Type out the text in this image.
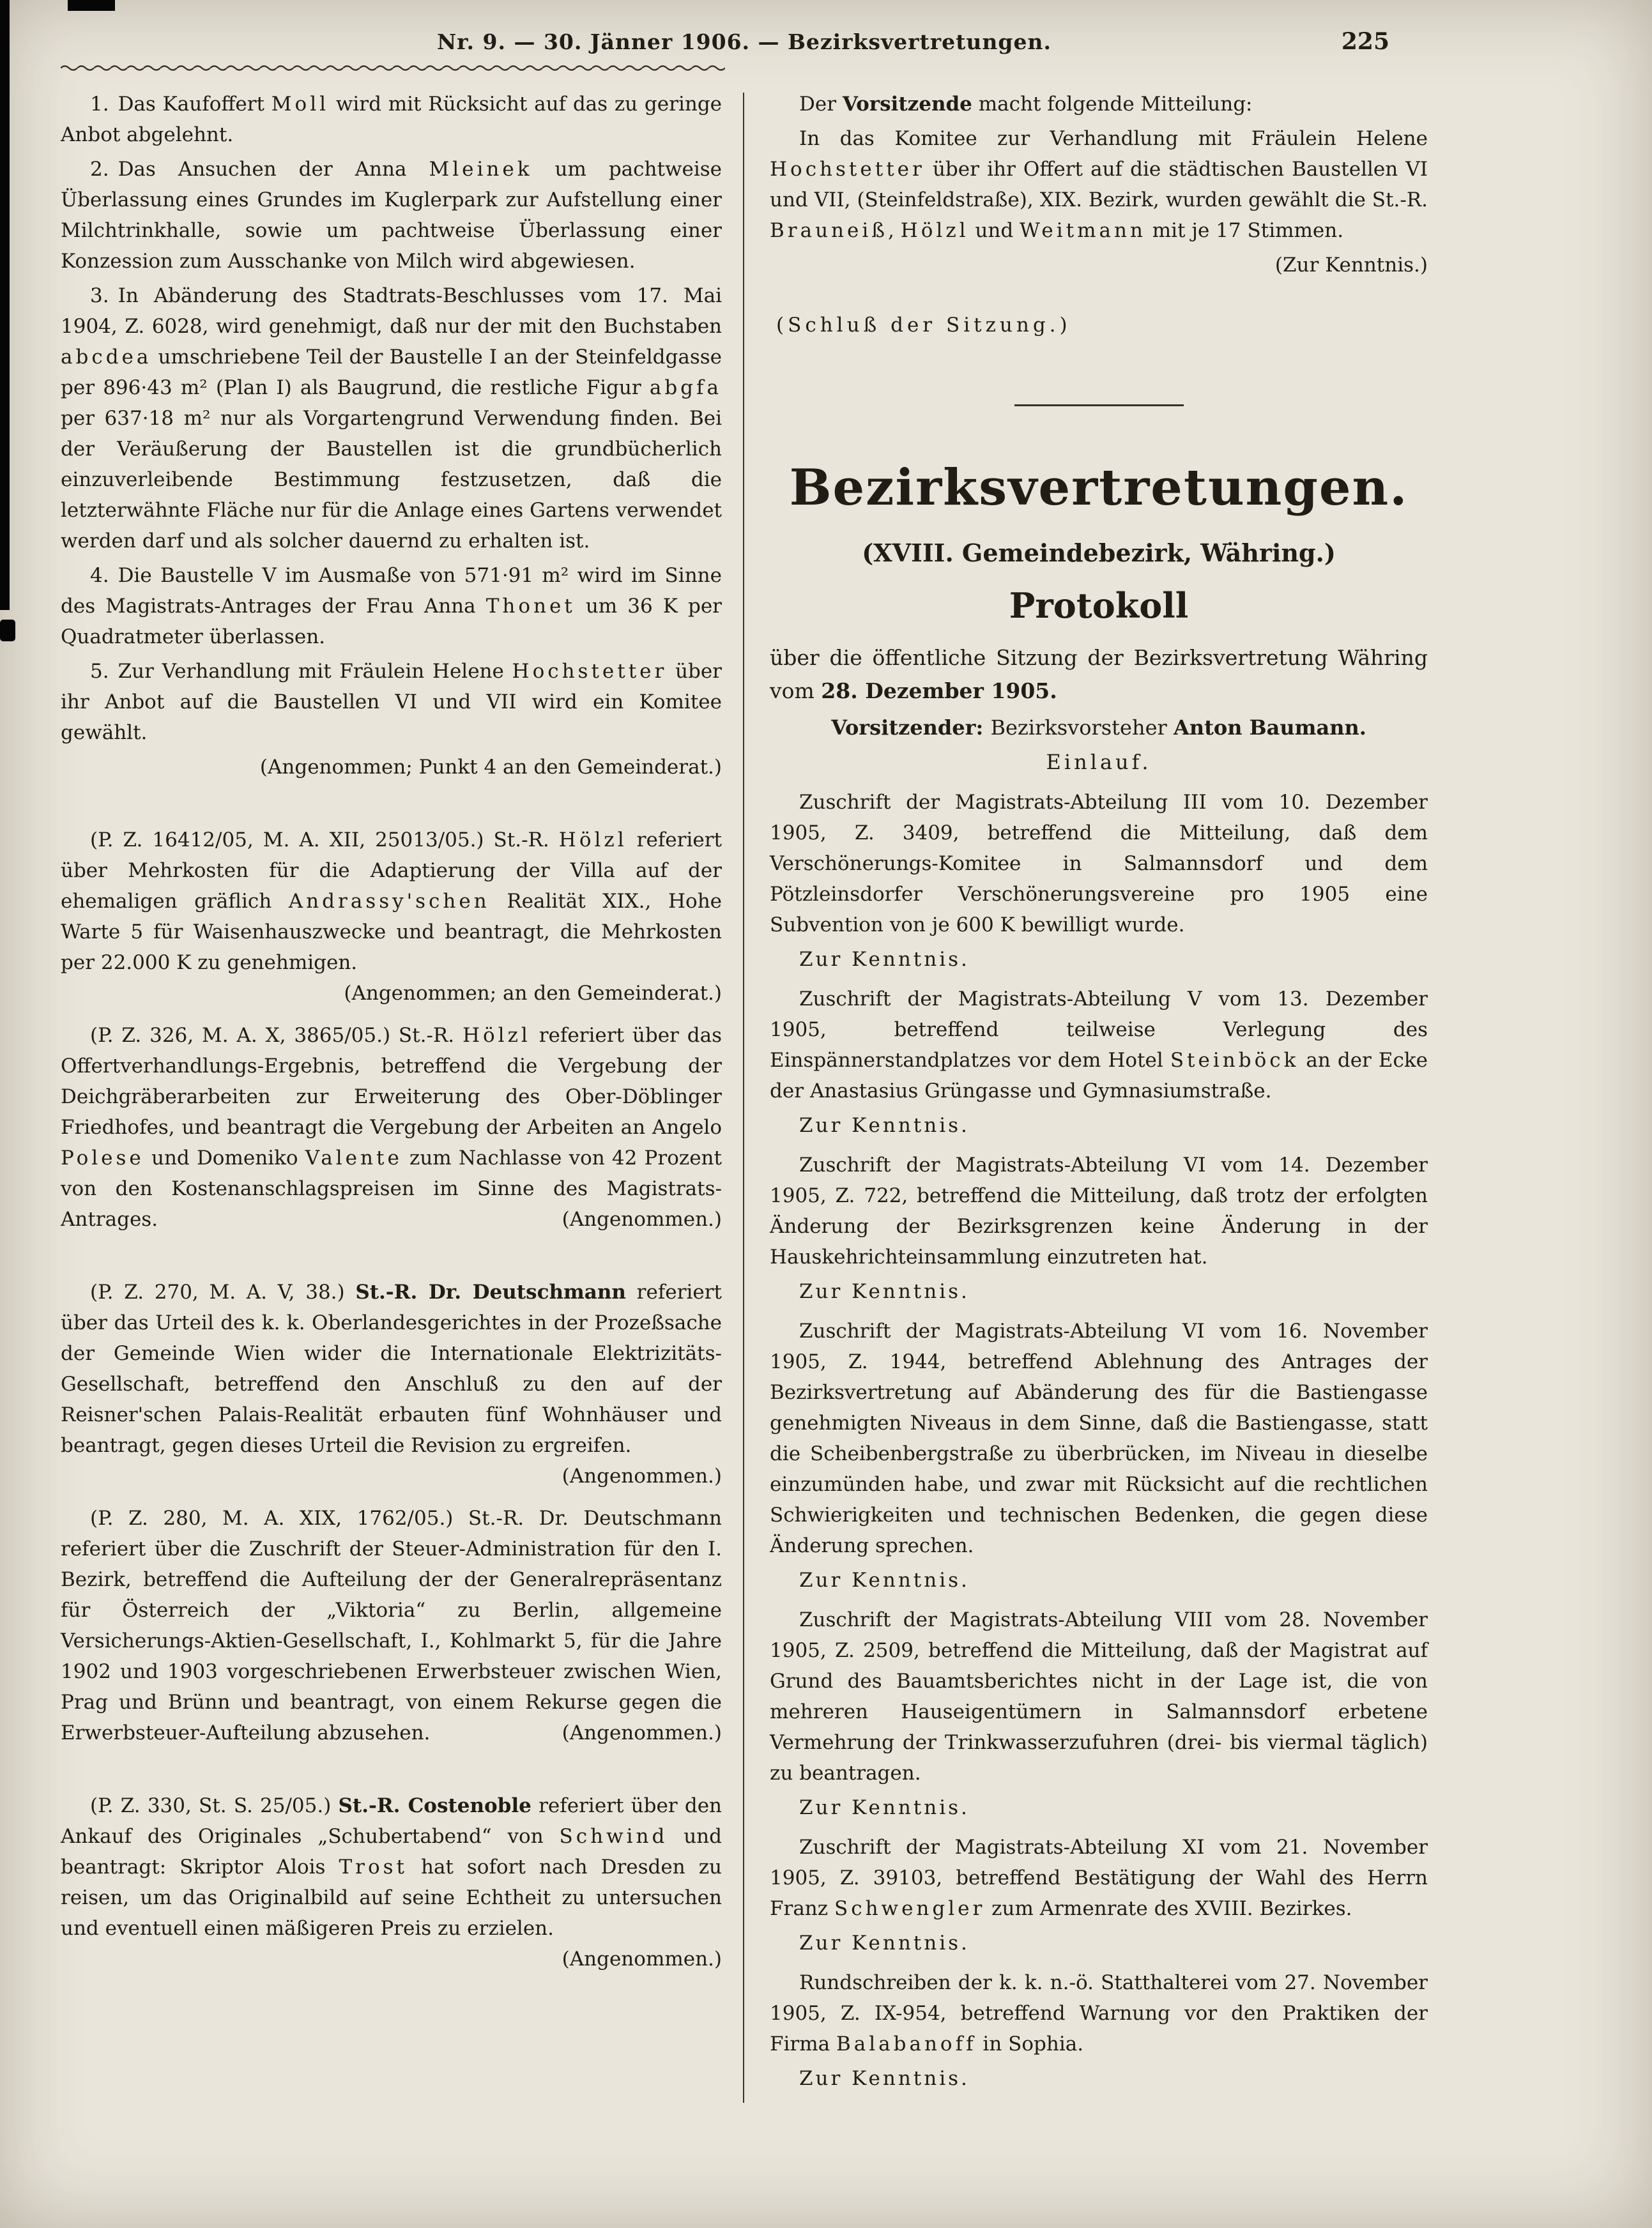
Nr. 9. — 30. Jänner 1906. — Bezirksvertretungen.	225

1. Das Kaufoffert Moll wird mit Rücksicht auf das zu geringe Anbot abgelehnt.

2. Das Ansuchen der Anna Mleinek um pachtweise Überlassung eines Grundes im Kuglerpark zur Aufstellung einer Milchtrinkhalle, sowie um pachtweise Überlassung einer Konzession zum Ausschanke von Milch wird abgewiesen.

3. In Abänderung des Stadtrats-Beschlusses vom 17. Mai 1904, Z. 6028, wird genehmigt, daß nur der mit den Buchstaben abcdea umschriebene Teil der Baustelle I an der Steinfeldgasse per 896·43 m² (Plan I) als Baugrund, die restliche Figur abgfa per 637·18 m² nur als Vorgartengrund Verwendung finden. Bei der Veräußerung der Baustellen ist die grundbücherlich einzuverleibende Bestimmung festzusetzen, daß die letzterwähnte Fläche nur für die Anlage eines Gartens verwendet werden darf und als solcher dauernd zu erhalten ist.

4. Die Baustelle V im Ausmaße von 571·91 m² wird im Sinne des Magistrats-Antrages der Frau Anna Thonet um 36 K per Quadratmeter überlassen.

5. Zur Verhandlung mit Fräulein Helene Hochstetter über ihr Anbot auf die Baustellen VI und VII wird ein Komitee gewählt.

(Angenommen; Punkt 4 an den Gemeinderat.)

(P. Z. 16412/05, M. A. XII, 25013/05.) St.-R. Hölzl referiert über Mehrkosten für die Adaptierung der Villa auf der ehemaligen gräflich Andrassy'schen Realität XIX., Hohe Warte 5 für Waisenhauszwecke und beantragt, die Mehrkosten per 22.000 K zu genehmigen.
(Angenommen; an den Gemeinderat.)

(P. Z. 326, M. A. X, 3865/05.) St.-R. Hölzl referiert über das Offertverhandlungs-Ergebnis, betreffend die Vergebung der Deichgräberarbeiten zur Erweiterung des Ober-Döblinger Friedhofes, und beantragt die Vergebung der Arbeiten an Angelo Polese und Domeniko Valente zum Nachlasse von 42 Prozent von den Kostenanschlagspreisen im Sinne des Magistrats-Antrages.	(Angenommen.)

(P. Z. 270, M. A. V, 38.) St.-R. Dr. Deutschmann referiert über das Urteil des k. k. Oberlandesgerichtes in der Prozeßsache der Gemeinde Wien wider die Internationale Elektrizitäts-Gesellschaft, betreffend den Anschluß zu den auf der Reisner'schen Palais-Realität erbauten fünf Wohnhäuser und beantragt, gegen dieses Urteil die Revision zu ergreifen.
(Angenommen.)

(P. Z. 280, M. A. XIX, 1762/05.) St.-R. Dr. Deutschmann referiert über die Zuschrift der Steuer-Administration für den I. Bezirk, betreffend die Aufteilung der der Generalrepräsentanz für Österreich der „Viktoria“ zu Berlin, allgemeine Versicherungs-Aktien-Gesellschaft, I., Kohlmarkt 5, für die Jahre 1902 und 1903 vorgeschriebenen Erwerbsteuer zwischen Wien, Prag und Brünn und beantragt, von einem Rekurse gegen die Erwerbsteuer-Aufteilung abzusehen.	(Angenommen.)

(P. Z. 330, St. S. 25/05.) St.-R. Costenoble referiert über den Ankauf des Originales „Schubertabend“ von Schwind und beantragt: Skriptor Alois Trost hat sofort nach Dresden zu reisen, um das Originalbild auf seine Echtheit zu untersuchen und eventuell einen mäßigeren Preis zu erzielen.
(Angenommen.)

Der Vorsitzende macht folgende Mitteilung:

In das Komitee zur Verhandlung mit Fräulein Helene Hochstetter über ihr Offert auf die städtischen Baustellen VI und VII, (Steinfeldstraße), XIX. Bezirk, wurden gewählt die St.-R. Brauneiß, Hölzl und Weitmann mit je 17 Stimmen.

(Zur Kenntnis.)
(Schluß der Sitzung.)
Bezirksvertretungen.
(XVIII. Gemeindebezirk, Währing.)
Protokoll

über die öffentliche Sitzung der Bezirksvertretung Währing vom 28. Dezember 1905.

Vorsitzender: Bezirksvorsteher Anton Baumann.
Einlauf.

Zuschrift der Magistrats-Abteilung III vom 10. Dezember 1905, Z. 3409, betreffend die Mitteilung, daß dem Verschönerungs-Komitee in Salmannsdorf und dem Pötzleinsdorfer Verschönerungsvereine pro 1905 eine Subvention von je 600 K bewilligt wurde.

Zur Kenntnis.

Zuschrift der Magistrats-Abteilung V vom 13. Dezember 1905, betreffend teilweise Verlegung des Einspännerstandplatzes vor dem Hotel Steinböck an der Ecke der Anastasius Grüngasse und Gymnasiumstraße.

Zur Kenntnis.

Zuschrift der Magistrats-Abteilung VI vom 14. Dezember 1905, Z. 722, betreffend die Mitteilung, daß trotz der erfolgten Änderung der Bezirksgrenzen keine Änderung in der Hauskehrichteinsammlung einzutreten hat.

Zur Kenntnis.

Zuschrift der Magistrats-Abteilung VI vom 16. November 1905, Z. 1944, betreffend Ablehnung des Antrages der Bezirksvertretung auf Abänderung des für die Bastiengasse genehmigten Niveaus in dem Sinne, daß die Bastiengasse, statt die Scheibenbergstraße zu überbrücken, im Niveau in dieselbe einzumünden habe, und zwar mit Rücksicht auf die rechtlichen Schwierigkeiten und technischen Bedenken, die gegen diese Änderung sprechen.

Zur Kenntnis.

Zuschrift der Magistrats-Abteilung VIII vom 28. November 1905, Z. 2509, betreffend die Mitteilung, daß der Magistrat auf Grund des Bauamtsberichtes nicht in der Lage ist, die von mehreren Hauseigentümern in Salmannsdorf erbetene Vermehrung der Trinkwasserzufuhren (drei- bis viermal täglich) zu beantragen.

Zur Kenntnis.

Zuschrift der Magistrats-Abteilung XI vom 21. November 1905, Z. 39103, betreffend Bestätigung der Wahl des Herrn Franz Schwengler zum Armenrate des XVIII. Bezirkes.

Zur Kenntnis.

Rundschreiben der k. k. n.-ö. Statthalterei vom 27. November 1905, Z. IX-954, betreffend Warnung vor den Praktiken der Firma Balabanoff in Sophia.

Zur Kenntnis.
